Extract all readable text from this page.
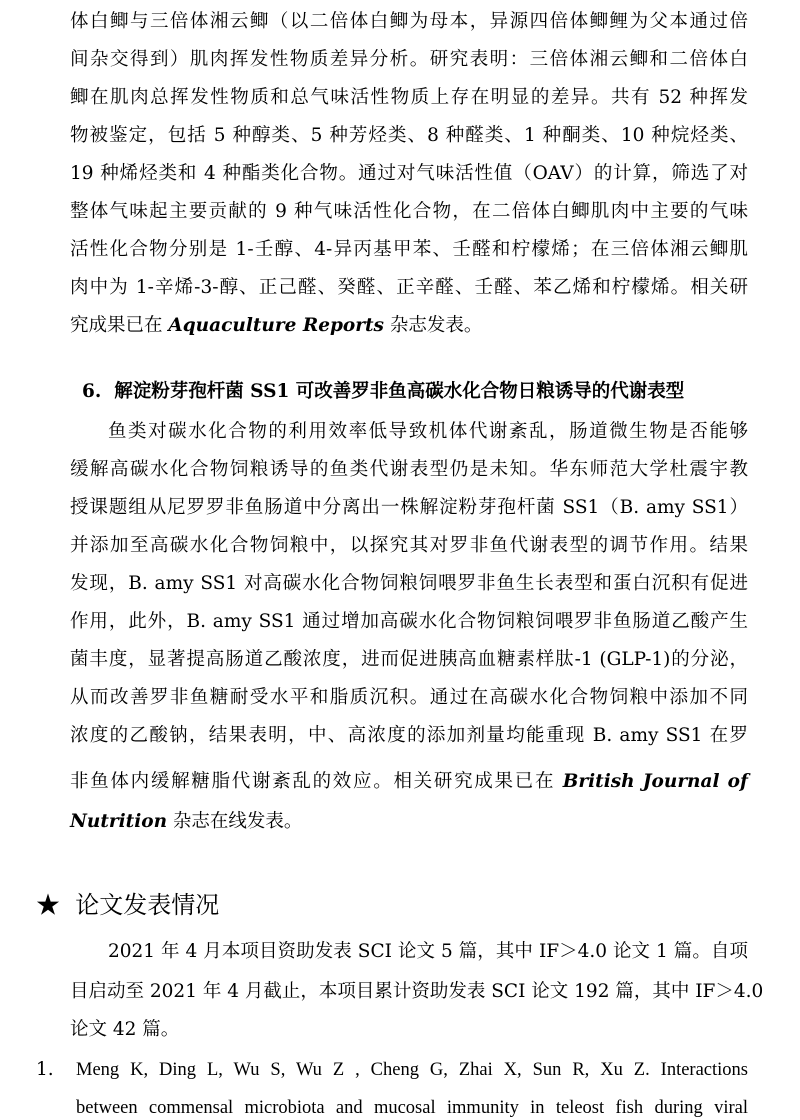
体白鲫与三倍体湘云鲫（以二倍体白鲫为母本，异源四倍体鲫鲤为父本通过倍
间杂交得到）肌肉挥发性物质差异分析。研究表明：三倍体湘云鲫和二倍体白
鲫在肌肉总挥发性物质和总气味活性物质上存在明显的差异。共有 52 种挥发
物被鉴定，包括 5 种醇类、5 种芳烃类、8 种醛类、1 种酮类、10 种烷烃类、
19 种烯烃类和 4 种酯类化合物。通过对气味活性值（OAV）的计算，筛选了对
整体气味起主要贡献的 9 种气味活性化合物，在二倍体白鲫肌肉中主要的气味
活性化合物分别是 1-壬醇、4-异丙基甲苯、壬醛和柠檬烯；在三倍体湘云鲫肌
肉中为 1-辛烯-3-醇、正己醛、癸醛、正辛醛、壬醛、苯乙烯和柠檬烯。相关研
究成果已在 Aquaculture Reports 杂志发表。
6. 解淀粉芽孢杆菌 SS1 可改善罗非鱼高碳水化合物日粮诱导的代谢表型
鱼类对碳水化合物的利用效率低导致机体代谢紊乱，肠道微生物是否能够
缓解高碳水化合物饲粮诱导的鱼类代谢表型仍是未知。华东师范大学杜震宇教
授课题组从尼罗罗非鱼肠道中分离出一株解淀粉芽孢杆菌 SS1（B. amy SS1）
并添加至高碳水化合物饲粮中，以探究其对罗非鱼代谢表型的调节作用。结果
发现，B. amy SS1 对高碳水化合物饲粮饲喂罗非鱼生长表型和蛋白沉积有促进
作用，此外，B. amy SS1 通过增加高碳水化合物饲粮饲喂罗非鱼肠道乙酸产生
菌丰度，显著提高肠道乙酸浓度，进而促进胰高血糖素样肽-1 (GLP-1)的分泌，
从而改善罗非鱼糖耐受水平和脂质沉积。通过在高碳水化合物饲粮中添加不同
浓度的乙酸钠，结果表明，中、高浓度的添加剂量均能重现 B. amy SS1 在罗
非鱼体内缓解糖脂代谢紊乱的效应。相关研究成果已在 British Journal of
Nutrition 杂志在线发表。
★ 论文发表情况
2021 年 4 月本项目资助发表 SCI 论文 5 篇，其中 IF＞4.0 论文 1 篇。自项
目启动至 2021 年 4 月截止，本项目累计资助发表 SCI 论文 192 篇，其中 IF＞4.0
论文 42 篇。
1. Meng K, Ding L, Wu S, Wu Z , Cheng G, Zhai X, Sun R, Xu Z. Interactions
between commensal microbiota and mucosal immunity in teleost fish during viral
